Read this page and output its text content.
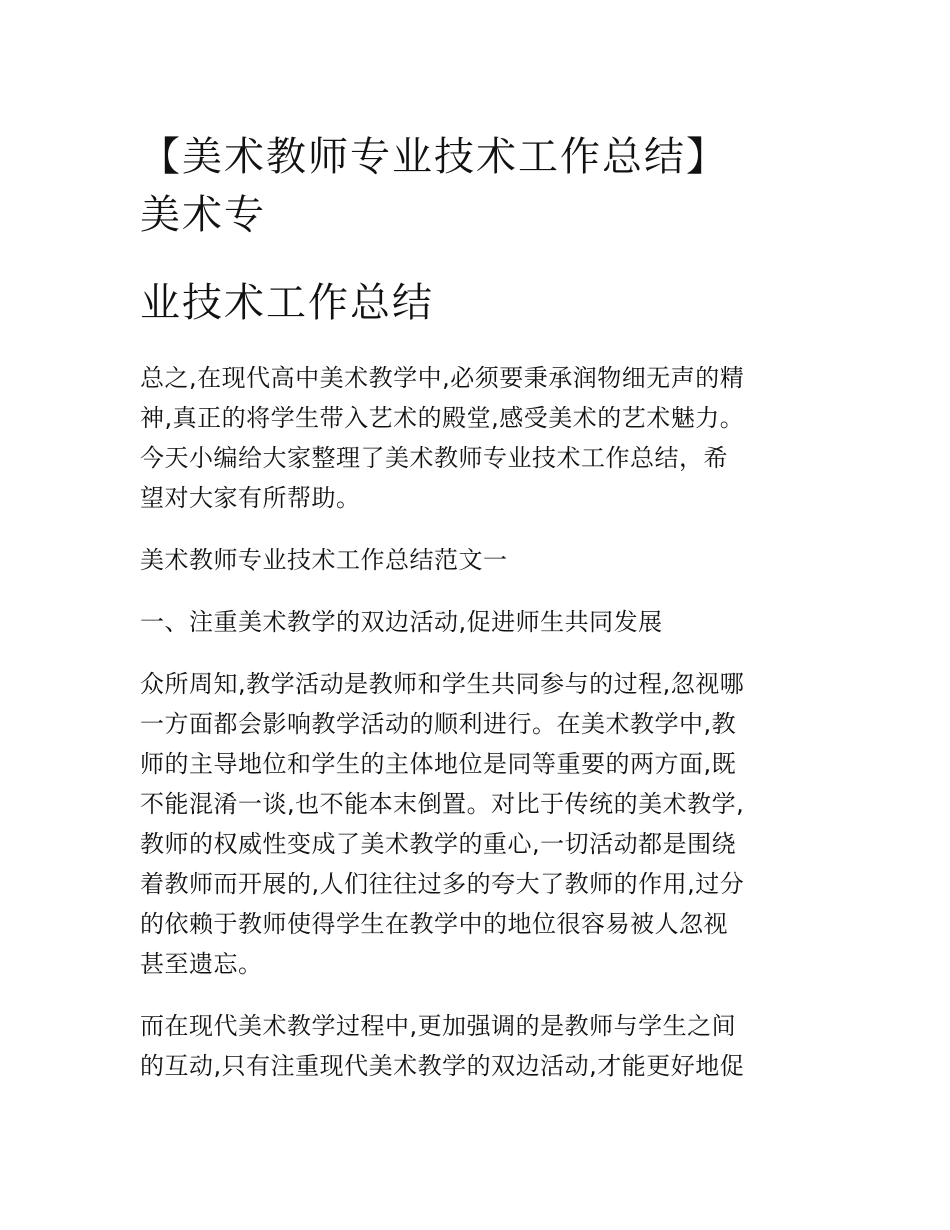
【美术教师专业技术工作总结】
美术专
业技术工作总结

总之,在现代高中美术教学中,必须要秉承润物细无声的精
神,真正的将学生带入艺术的殿堂,感受美术的艺术魅力。
今天小编给大家整理了美术教师专业技术工作总结，希
望对大家有所帮助。

美术教师专业技术工作总结范文一

一、注重美术教学的双边活动,促进师生共同发展

众所周知,教学活动是教师和学生共同参与的过程,忽视哪
一方面都会影响教学活动的顺利进行。在美术教学中,教
师的主导地位和学生的主体地位是同等重要的两方面,既
不能混淆一谈,也不能本末倒置。对比于传统的美术教学,
教师的权威性变成了美术教学的重心,一切活动都是围绕
着教师而开展的,人们往往过多的夸大了教师的作用,过分
的依赖于教师使得学生在教学中的地位很容易被人忽视
甚至遗忘。

而在现代美术教学过程中,更加强调的是教师与学生之间
的互动,只有注重现代美术教学的双边活动,才能更好地促
